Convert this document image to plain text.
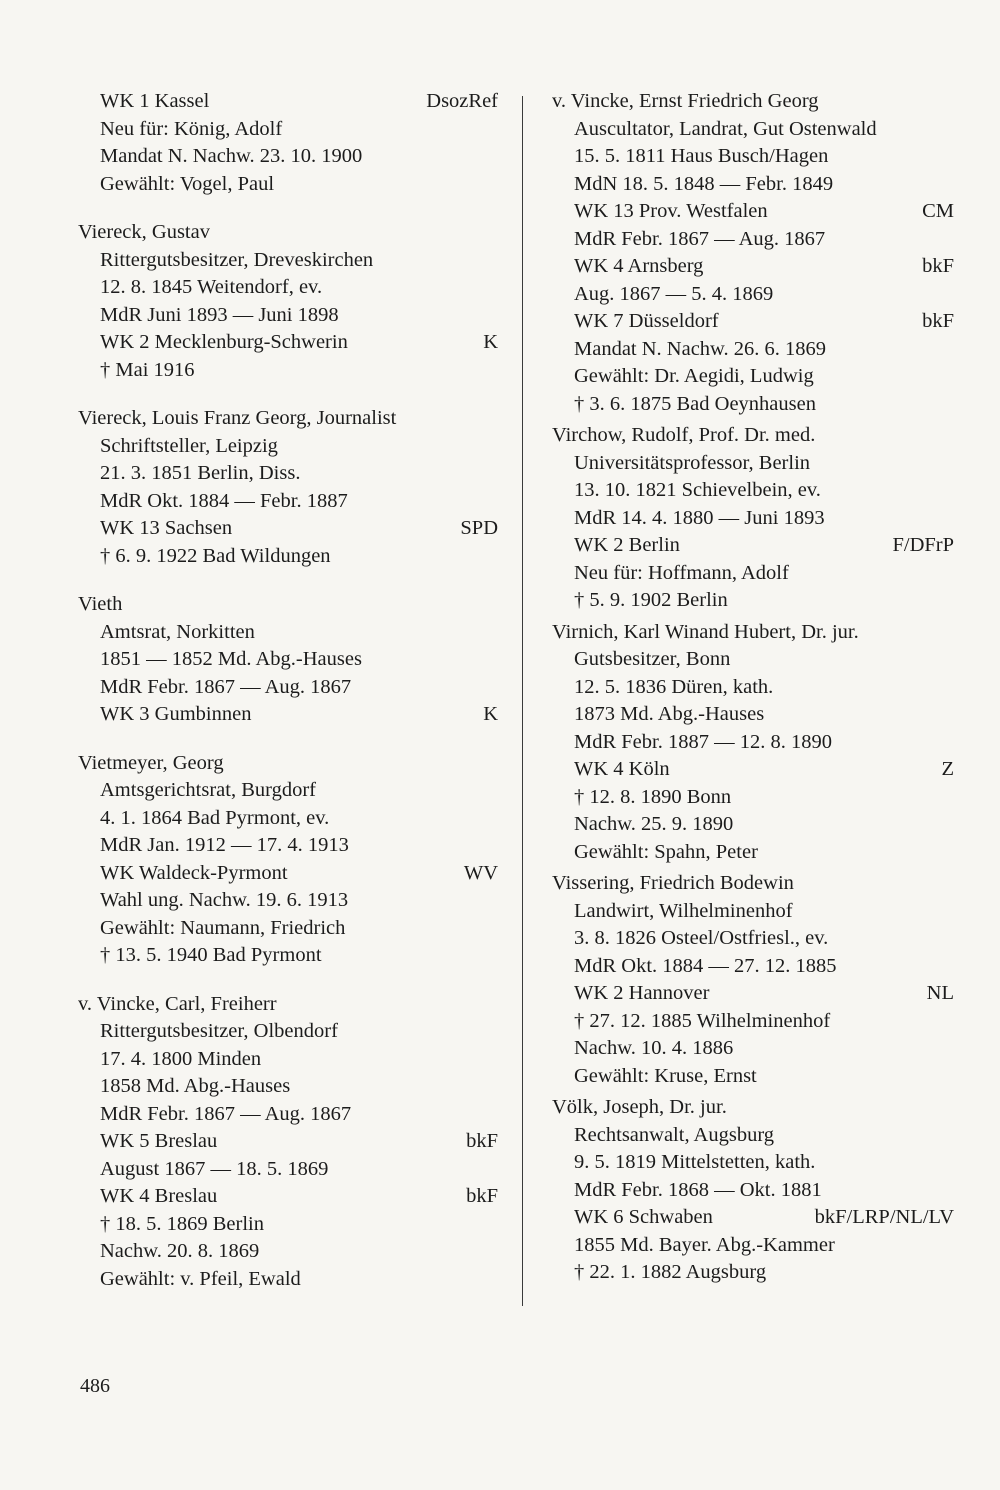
WK 1 Kassel	DsozRef
Neu für: König, Adolf
Mandat N. Nachw. 23. 10. 1900
Gewählt: Vogel, Paul
Viereck, Gustav
Rittergutsbesitzer, Dreveskirchen
12. 8. 1845 Weitendorf, ev.
MdR Juni 1893 — Juni 1898
WK 2 Mecklenburg-Schwerin	K
† Mai 1916
Viereck, Louis Franz Georg, Journalist
Schriftsteller, Leipzig
21. 3. 1851 Berlin, Diss.
MdR Okt. 1884 — Febr. 1887
WK 13 Sachsen	SPD
† 6. 9. 1922 Bad Wildungen
Vieth
Amtsrat, Norkitten
1851 — 1852 Md. Abg.-Hauses
MdR Febr. 1867 — Aug. 1867
WK 3 Gumbinnen	K
Vietmeyer, Georg
Amtsgerichtsrat, Burgdorf
4. 1. 1864 Bad Pyrmont, ev.
MdR Jan. 1912 — 17. 4. 1913
WK Waldeck-Pyrmont	WV
Wahl ung. Nachw. 19. 6. 1913
Gewählt: Naumann, Friedrich
† 13. 5. 1940 Bad Pyrmont
v. Vincke, Carl, Freiherr
Rittergutsbesitzer, Olbendorf
17. 4. 1800 Minden
1858 Md. Abg.-Hauses
MdR Febr. 1867 — Aug. 1867
WK 5 Breslau	bkF
August 1867 — 18. 5. 1869
WK 4 Breslau	bkF
† 18. 5. 1869 Berlin
Nachw. 20. 8. 1869
Gewählt: v. Pfeil, Ewald
v. Vincke, Ernst Friedrich Georg
Auscultator, Landrat, Gut Ostenwald
15. 5. 1811 Haus Busch/Hagen
MdN 18. 5. 1848 — Febr. 1849
WK 13 Prov. Westfalen	CM
MdR Febr. 1867 — Aug. 1867
WK 4 Arnsberg	bkF
Aug. 1867 — 5. 4. 1869
WK 7 Düsseldorf	bkF
Mandat N. Nachw. 26. 6. 1869
Gewählt: Dr. Aegidi, Ludwig
† 3. 6. 1875 Bad Oeynhausen
Virchow, Rudolf, Prof. Dr. med.
Universitätsprofessor, Berlin
13. 10. 1821 Schievelbein, ev.
MdR 14. 4. 1880 — Juni 1893
WK 2 Berlin	F/DFrP
Neu für: Hoffmann, Adolf
† 5. 9. 1902 Berlin
Virnich, Karl Winand Hubert, Dr. jur.
Gutsbesitzer, Bonn
12. 5. 1836 Düren, kath.
1873 Md. Abg.-Hauses
MdR Febr. 1887 — 12. 8. 1890
WK 4 Köln	Z
† 12. 8. 1890 Bonn
Nachw. 25. 9. 1890
Gewählt: Spahn, Peter
Vissering, Friedrich Bodewin
Landwirt, Wilhelminenhof
3. 8. 1826 Osteel/Ostfriesl., ev.
MdR Okt. 1884 — 27. 12. 1885
WK 2 Hannover	NL
† 27. 12. 1885 Wilhelminenhof
Nachw. 10. 4. 1886
Gewählt: Kruse, Ernst
Völk, Joseph, Dr. jur.
Rechtsanwalt, Augsburg
9. 5. 1819 Mittelstetten, kath.
MdR Febr. 1868 — Okt. 1881
WK 6 Schwaben	bkF/LRP/NL/LV
1855 Md. Bayer. Abg.-Kammer
† 22. 1. 1882 Augsburg
486
